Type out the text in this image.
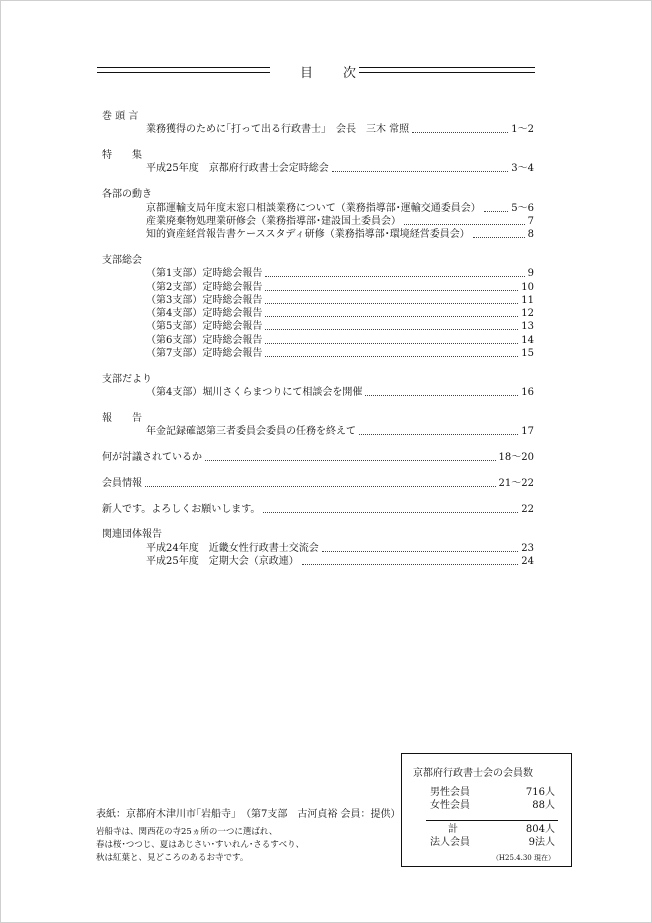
目次
巻 頭 言
業務獲得のために｢打って出る行政書士｣　会長　三木 常照	1～2
特　　集
平成25年度　京都府行政書士会定時総会	3～4
各部の動き
京都運輸支局年度末窓口相談業務について（業務指導部･運輸交通委員会）	5～6
産業廃棄物処理業研修会（業務指導部･建設国土委員会）	7
知的資産経営報告書ケーススタディ研修（業務指導部･環境経営委員会）	8
支部総会
（第1支部）定時総会報告	9
（第2支部）定時総会報告	10
（第3支部）定時総会報告	11
（第4支部）定時総会報告	12
（第5支部）定時総会報告	13
（第6支部）定時総会報告	14
（第7支部）定時総会報告	15
支部だより
（第4支部）堀川さくらまつりにて相談会を開催	16
報　　告
年金記録確認第三者委員会委員の任務を終えて	17
何が討議されているか	18～20
会員情報	21～22
新人です。よろしくお願いします。	22
関連団体報告
平成24年度　近畿女性行政書士交流会	23
平成25年度　定期大会（京政連）	24
表紙：京都府木津川市｢岩船寺｣　（第7支部　古河貞裕 会員：提供）
岩船寺は、関西花の寺25ヵ所の一つに選ばれ、
春は桜･つつじ、夏はあじさい･すいれん･さるすべり、
秋は紅葉と、見どころのあるお寺です。
京都府行政書士会の会員数
男性会員	716人
女性会員	88人
計	804人
法人会員	9法人
（H25.4.30 現在）
